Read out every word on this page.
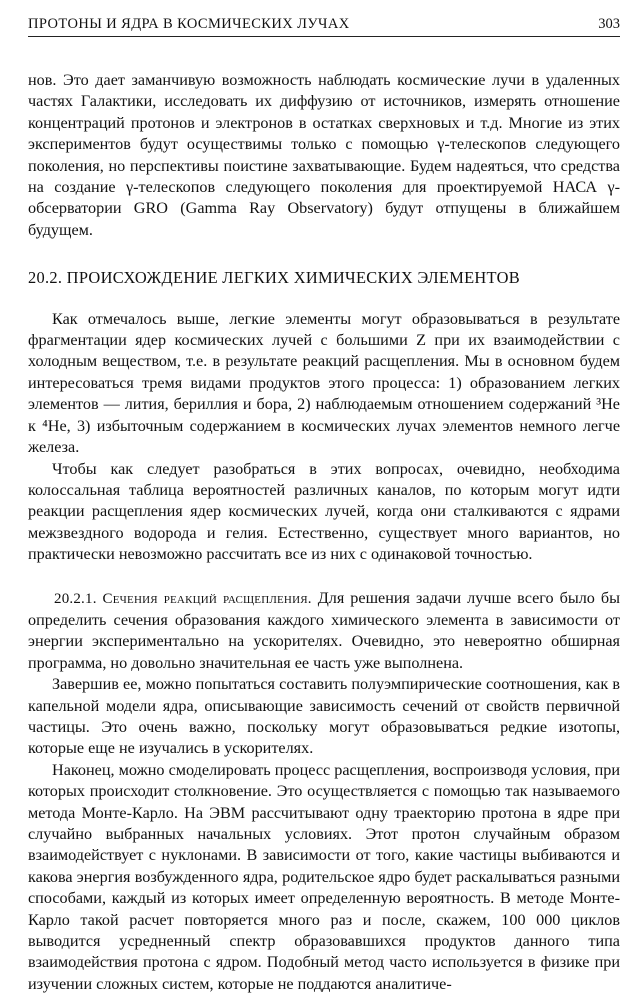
ПРОТОНЫ И ЯДРА В КОСМИЧЕСКИХ ЛУЧАХ	303

нов. Это дает заманчивую возможность наблюдать космические лучи в удаленных частях Галактики, исследовать их диффузию от источников, измерять отношение концентраций протонов и электронов в остатках сверхновых и т.д. Многие из этих экспериментов будут осуществимы только с помощью γ-телескопов следующего поколения, но перспективы поистине захватывающие. Будем надеяться, что средства на создание γ-телескопов следующего поколения для проектируемой НАСА γ-обсерватории GRO (Gamma Ray Observatory) будут отпущены в ближайшем будущем.

20.2. ПРОИСХОЖДЕНИЕ ЛЕГКИХ ХИМИЧЕСКИХ ЭЛЕМЕНТОВ

Как отмечалось выше, легкие элементы могут образовываться в результате фрагментации ядер космических лучей с большими Z при их взаимодействии с холодным веществом, т.е. в результате реакций расщепления. Мы в основном будем интересоваться тремя видами продуктов этого процесса: 1) образованием легких элементов — лития, бериллия и бора, 2) наблюдаемым отношением содержаний ³He к ⁴He, 3) избыточным содержанием в космических лучах элементов немного легче железа.

Чтобы как следует разобраться в этих вопросах, очевидно, необходима колоссальная таблица вероятностей различных каналов, по которым могут идти реакции расщепления ядер космических лучей, когда они сталкиваются с ядрами межзвездного водорода и гелия. Естественно, существует много вариантов, но практически невозможно рассчитать все из них с одинаковой точностью.

20.2.1. Сечения реакций расщепления. Для решения задачи лучше всего было бы определить сечения образования каждого химического элемента в зависимости от энергии экспериментально на ускорителях. Очевидно, это невероятно обширная программа, но довольно значительная ее часть уже выполнена.

Завершив ее, можно попытаться составить полуэмпирические соотношения, как в капельной модели ядра, описывающие зависимость сечений от свойств первичной частицы. Это очень важно, поскольку могут образовываться редкие изотопы, которые еще не изучались в ускорителях.

Наконец, можно смоделировать процесс расщепления, воспроизводя условия, при которых происходит столкновение. Это осуществляется с помощью так называемого метода Монте-Карло. На ЭВМ рассчитывают одну траекторию протона в ядре при случайно выбранных начальных условиях. Этот протон случайным образом взаимодействует с нуклонами. В зависимости от того, какие частицы выбиваются и какова энергия возбужденного ядра, родительское ядро будет раскалываться разными способами, каждый из которых имеет определенную вероятность. В методе Монте-Карло такой расчет повторяется много раз и после, скажем, 100 000 циклов выводится усредненный спектр образовавшихся продуктов данного типа взаимодействия протона с ядром. Подобный метод часто используется в физике при изучении сложных систем, которые не поддаются аналитиче-
